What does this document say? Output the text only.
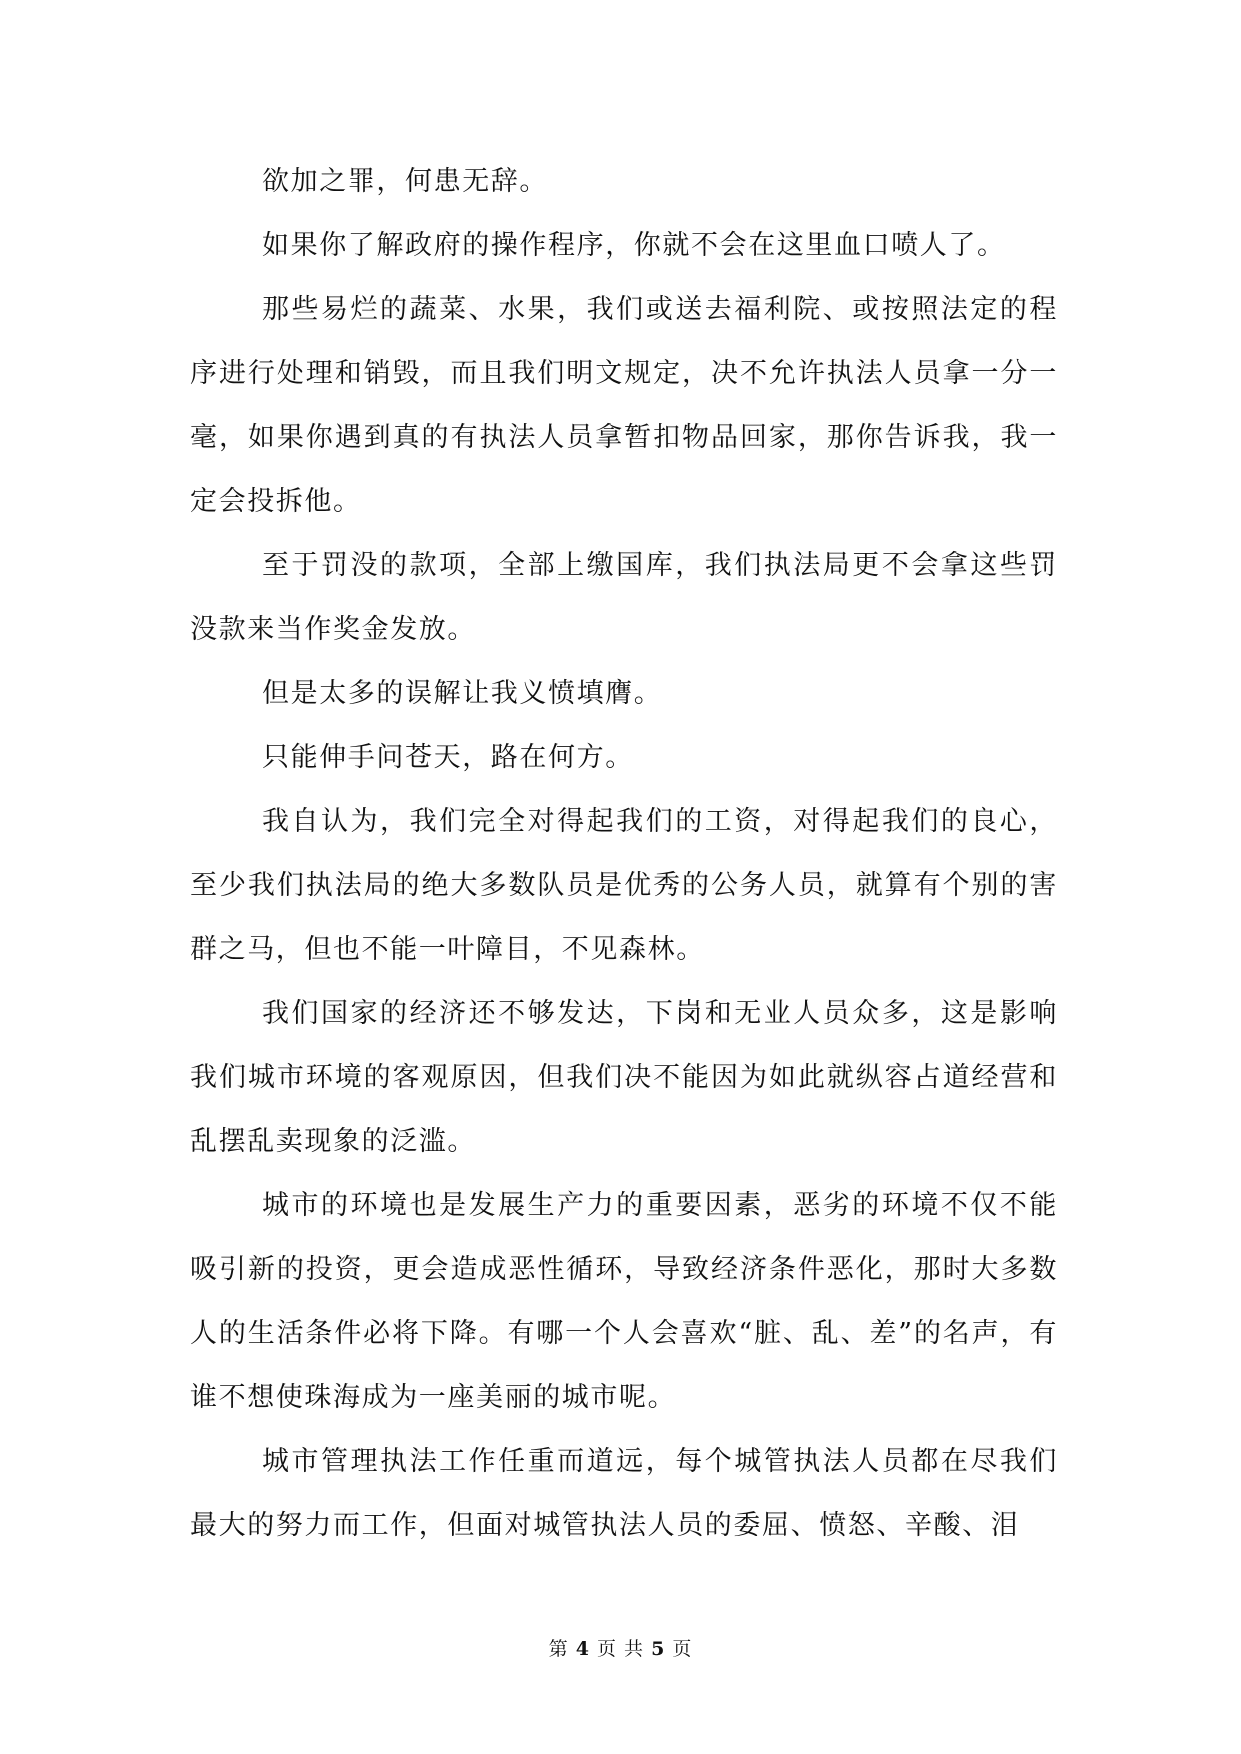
欲加之罪，何患无辞。

如果你了解政府的操作程序，你就不会在这里血口喷人了。

那些易烂的蔬菜、水果，我们或送去福利院、或按照法定的程序进行处理和销毁，而且我们明文规定，决不允许执法人员拿一分一毫，如果你遇到真的有执法人员拿暂扣物品回家，那你告诉我，我一定会投拆他。

至于罚没的款项，全部上缴国库，我们执法局更不会拿这些罚没款来当作奖金发放。

但是太多的误解让我义愤填膺。

只能伸手问苍天，路在何方。

我自认为，我们完全对得起我们的工资，对得起我们的良心，至少我们执法局的绝大多数队员是优秀的公务人员，就算有个别的害群之马，但也不能一叶障目，不见森林。

我们国家的经济还不够发达，下岗和无业人员众多，这是影响我们城市环境的客观原因，但我们决不能因为如此就纵容占道经营和乱摆乱卖现象的泛滥。

城市的环境也是发展生产力的重要因素，恶劣的环境不仅不能吸引新的投资，更会造成恶性循环，导致经济条件恶化，那时大多数人的生活条件必将下降。有哪一个人会喜欢“脏、乱、差”的名声，有谁不想使珠海成为一座美丽的城市呢。

城市管理执法工作任重而道远，每个城管执法人员都在尽我们最大的努力而工作，但面对城管执法人员的委屈、愤怒、辛酸、泪

第 4 页 共 5 页
